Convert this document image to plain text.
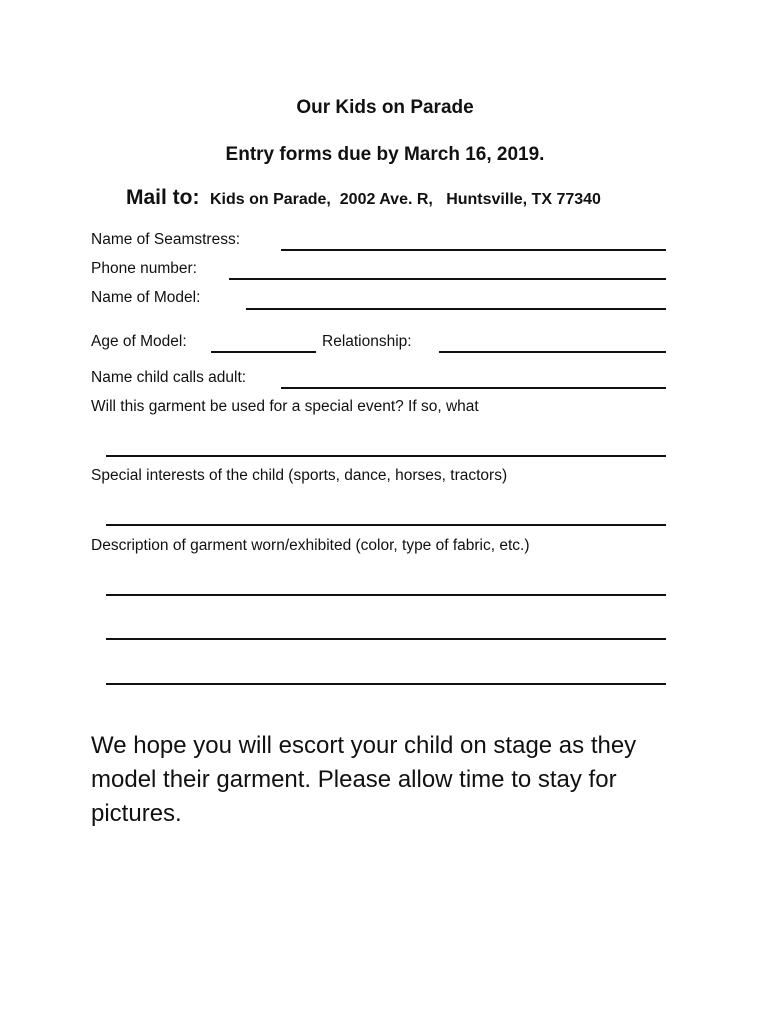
Our Kids on Parade
Entry forms due by March 16, 2019.
Mail to: Kids on Parade,  2002 Ave. R,   Huntsville, TX 77340
Name of Seamstress:
Phone number:
Name of Model:
Age of Model:	Relationship:
Name child calls adult:
Will this garment be used for a special event? If so, what
Special interests of the child (sports, dance, horses, tractors)
Description of garment worn/exhibited (color, type of fabric, etc.)
We hope you will escort your child on stage as they model their garment. Please allow time to stay for pictures.
